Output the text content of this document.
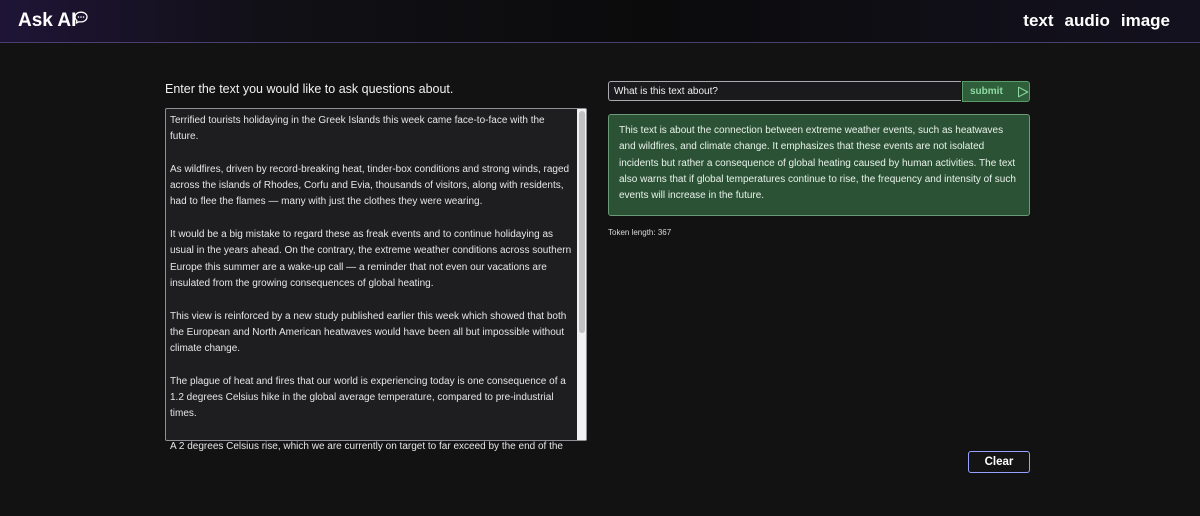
Ask AI	text audio image
Enter the text you would like to ask questions about.
Terrified tourists holidaying in the Greek Islands this week came face-to-face with the future.

As wildfires, driven by record-breaking heat, tinder-box conditions and strong winds, raged across the islands of Rhodes, Corfu and Evia, thousands of visitors, along with residents, had to flee the flames — many with just the clothes they were wearing.

It would be a big mistake to regard these as freak events and to continue holidaying as usual in the years ahead. On the contrary, the extreme weather conditions across southern Europe this summer are a wake-up call — a reminder that not even our vacations are insulated from the growing consequences of global heating.

This view is reinforced by a new study published earlier this week which showed that both the European and North American heatwaves would have been all but impossible without climate change.

The plague of heat and fires that our world is experiencing today is one consequence of a 1.2 degrees Celsius hike in the global average temperature, compared to pre-industrial times.

A 2 degrees Celsius rise, which we are currently on target to far exceed by the end of the
What is this text about?
submit
This text is about the connection between extreme weather events, such as heatwaves and wildfires, and climate change. It emphasizes that these events are not isolated incidents but rather a consequence of global heating caused by human activities. The text also warns that if global temperatures continue to rise, the frequency and intensity of such events will increase in the future.
Token length: 367
Clear
